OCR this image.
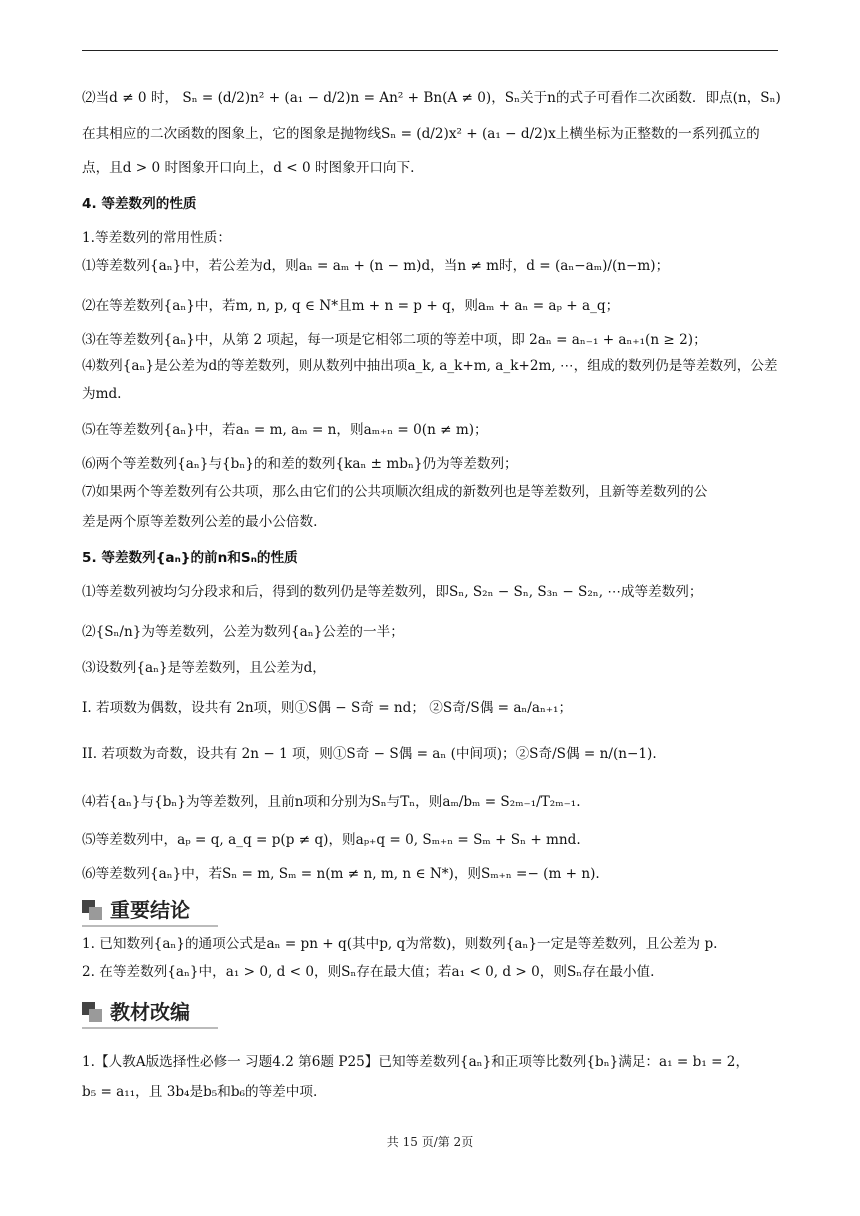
⑵当d ≠ 0 时， Sₙ = (d/2)n² + (a₁ − d/2)n = An² + Bn(A ≠ 0)，Sₙ关于n的式子可看作二次函数．即点(n，Sₙ)
在其相应的二次函数的图象上，它的图象是抛物线Sₙ = (d/2)x² + (a₁ − d/2)x上横坐标为正整数的一系列孤立的
点，且d > 0 时图象开口向上，d < 0 时图象开口向下.
4. 等差数列的性质
1.等差数列的常用性质：
⑴等差数列{aₙ}中，若公差为d，则aₙ = aₘ + (n − m)d，当n ≠ m时，d = (aₙ−aₘ)/(n−m)；
⑵在等差数列{aₙ}中，若m, n, p, q ∈ N*且m + n = p + q，则aₘ + aₙ = aₚ + a_q；
⑶在等差数列{aₙ}中，从第 2 项起，每一项是它相邻二项的等差中项，即 2aₙ = aₙ₋₁ + aₙ₊₁(n ≥ 2)；
⑷数列{aₙ}是公差为d的等差数列，则从数列中抽出项a_k, a_k+m, a_k+2m, ⋯，组成的数列仍是等差数列，公差
为md.
⑸在等差数列{aₙ}中，若aₙ = m, aₘ = n，则aₘ₊ₙ = 0(n ≠ m)；
⑹两个等差数列{aₙ}与{bₙ}的和差的数列{kaₙ ± mbₙ}仍为等差数列；
⑺如果两个等差数列有公共项，那么由它们的公共项顺次组成的新数列也是等差数列，且新等差数列的公
差是两个原等差数列公差的最小公倍数.
5. 等差数列{aₙ}的前n和Sₙ的性质
⑴等差数列被均匀分段求和后，得到的数列仍是等差数列，即Sₙ, S₂ₙ − Sₙ, S₃ₙ − S₂ₙ, ⋯成等差数列；
⑵{Sₙ/n}为等差数列，公差为数列{aₙ}公差的一半；
⑶设数列{aₙ}是等差数列，且公差为d，
I. 若项数为偶数，设共有 2n项，则①S偶 − S奇 = nd； ②S奇/S偶 = aₙ/aₙ₊₁；
II. 若项数为奇数，设共有 2n − 1 项，则①S奇 − S偶 = aₙ (中间项)；②S奇/S偶 = n/(n−1).
⑷若{aₙ}与{bₙ}为等差数列，且前n项和分别为Sₙ与Tₙ，则aₘ/bₘ = S₂ₘ₋₁/T₂ₘ₋₁.
⑸等差数列中，aₚ = q, a_q = p(p ≠ q)，则aₚ₊q = 0, Sₘ₊ₙ = Sₘ + Sₙ + mnd.
⑹等差数列{aₙ}中，若Sₙ = m, Sₘ = n(m ≠ n, m, n ∈ N*)，则Sₘ₊ₙ =− (m + n).
1. 已知数列{aₙ}的通项公式是aₙ = pn + q(其中p, q为常数)，则数列{aₙ}一定是等差数列，且公差为 p.
2. 在等差数列{aₙ}中，a₁ > 0, d < 0，则Sₙ存在最大值；若a₁ < 0, d > 0，则Sₙ存在最小值.
1.【人教A版选择性必修一 习题4.2 第6题 P25】已知等差数列{aₙ}和正项等比数列{bₙ}满足：a₁ = b₁ = 2，
b₅ = a₁₁，且 3b₄是b₅和b₆的等差中项.
重要结论
教材改编
共 15 页/第 2页
